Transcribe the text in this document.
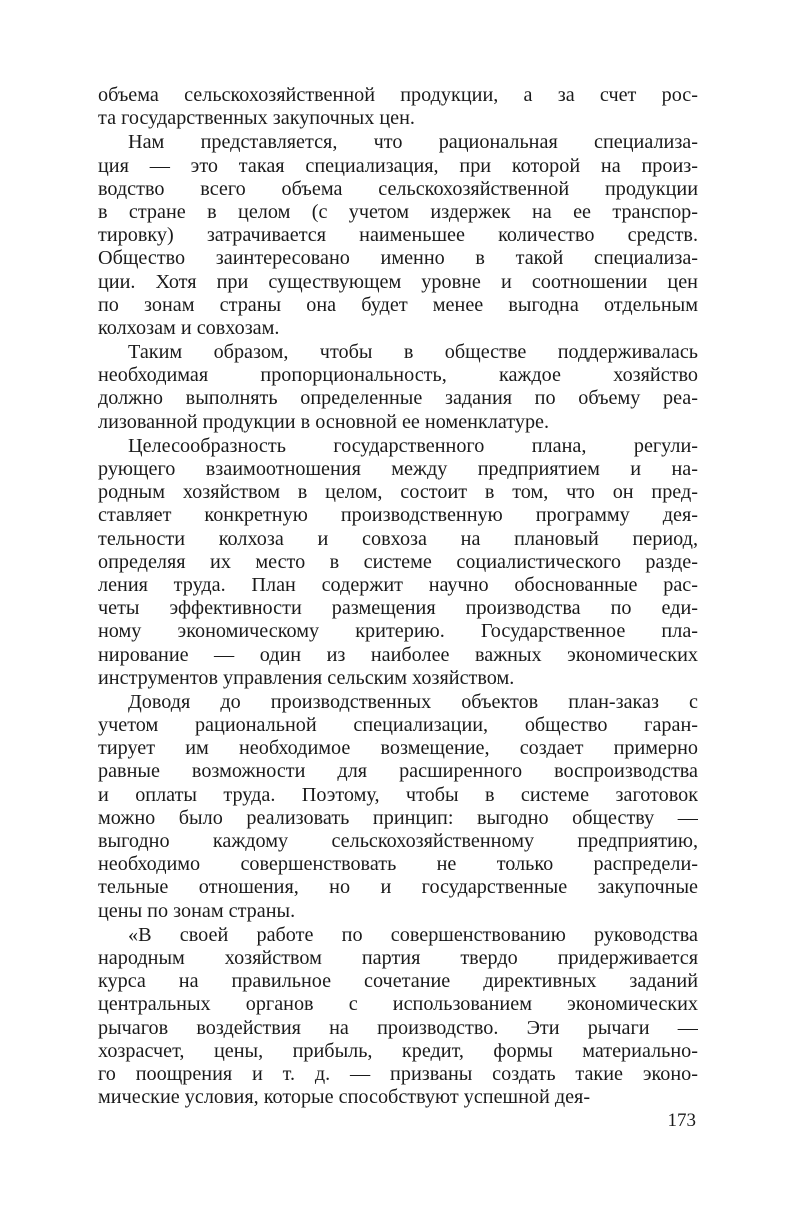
объема сельскохозяйственной продукции, а за счет рос-
та государственных закупочных цен.
Нам представляется, что рациональная специализа-
ция — это такая специализация, при которой на произ-
водство всего объема сельскохозяйственной продукции
в стране в целом (с учетом издержек на ее транспор-
тировку) затрачивается наименьшее количество средств.
Общество заинтересовано именно в такой специализа-
ции. Хотя при существующем уровне и соотношении цен
по зонам страны она будет менее выгодна отдельным
колхозам и совхозам.
Таким образом, чтобы в обществе поддерживалась
необходимая пропорциональность, каждое хозяйство
должно выполнять определенные задания по объему реа-
лизованной продукции в основной ее номенклатуре.
Целесообразность государственного плана, регули-
рующего взаимоотношения между предприятием и на-
родным хозяйством в целом, состоит в том, что он пред-
ставляет конкретную производственную программу дея-
тельности колхоза и совхоза на плановый период,
определяя их место в системе социалистического разде-
ления труда. План содержит научно обоснованные рас-
четы эффективности размещения производства по еди-
ному экономическому критерию. Государственное пла-
нирование — один из наиболее важных экономических
инструментов управления сельским хозяйством.
Доводя до производственных объектов план-заказ с
учетом рациональной специализации, общество гаран-
тирует им необходимое возмещение, создает примерно
равные возможности для расширенного воспроизводства
и оплаты труда. Поэтому, чтобы в системе заготовок
можно было реализовать принцип: выгодно обществу —
выгодно каждому сельскохозяйственному предприятию,
необходимо совершенствовать не только распредели-
тельные отношения, но и государственные закупочные
цены по зонам страны.
«В своей работе по совершенствованию руководства
народным хозяйством партия твердо придерживается
курса на правильное сочетание директивных заданий
центральных органов с использованием экономических
рычагов воздействия на производство. Эти рычаги —
хозрасчет, цены, прибыль, кредит, формы материально-
го поощрения и т. д. — призваны создать такие эконо-
мические условия, которые способствуют успешной дея-
173
